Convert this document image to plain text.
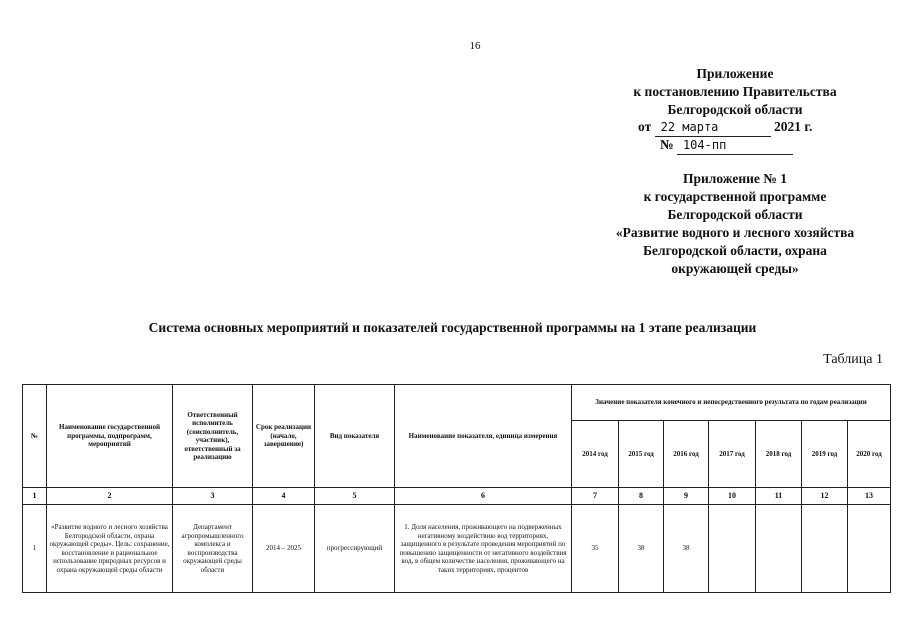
16
Приложение
к постановлению Правительства
Белгородской области
от 22 марта	2021 г.
№ 104-пп
Приложение № 1
к государственной программе
Белгородской области
«Развитие водного и лесного хозяйства
Белгородской области, охрана
окружающей среды»
Система основных мероприятий и показателей государственной программы на 1 этапе реализации
Таблица 1
№	Наименование государственной программы, подпрограмм, мероприятий	Ответственный исполнитель (соисполнитель, участник), ответственный за реализацию	Срок реализации (начало, завершение)	Вид показателя	Наименование показателя, единица измерения	Значение показателя конечного и непосредственного результата по годам реализации						
						2014 год	2015 год	2016 год	2017 год	2018 год	2019 год	2020 год
1	2	3	4	5	6	7	8	9	10	11	12	13
1	«Развитие водного и лесного хозяйства Белгородской области, охрана окружающей среды». Цель: сохранение, восстановление и рациональное использование природных ресурсов и охрана окружающей среды области	Департамент агропромышленного комплекса и воспроизводства окружающей среды области	2014 – 2025	прогрессирующий	1. Доля населения, проживающего на подверженных негативному воздействию вод территориях, защищенного в результате проведения мероприятий по повышению защищенности от негативного воздействия вод, в общем количестве населения, проживающего на таких территориях, процентов	35	38	38				
